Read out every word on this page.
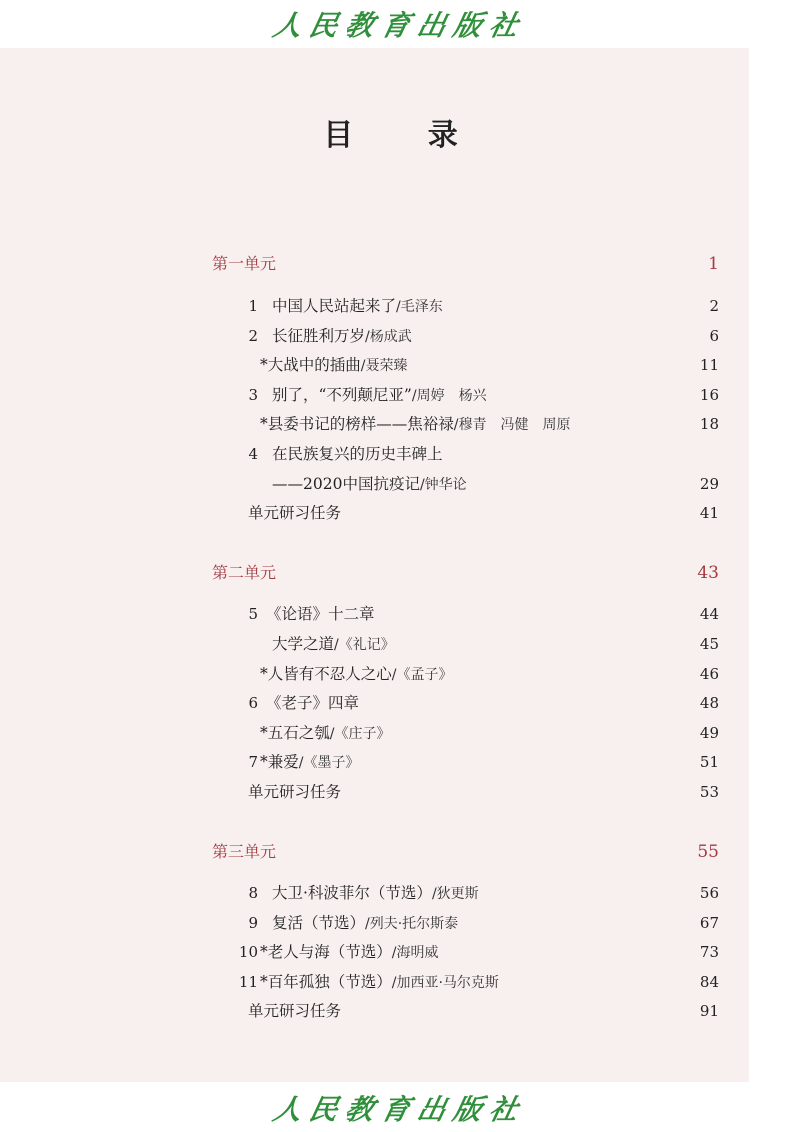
人民教育出版社
目 录
第一单元	1
1 中国人民站起来了/毛泽东	2
2 长征胜利万岁/杨成武	6
*大战中的插曲/聂荣臻	11
3 别了，“不列颠尼亚”/周婷　杨兴	16
*县委书记的榜样——焦裕禄/穆青　冯健　周原	18
4 在民族复兴的历史丰碑上
——2020中国抗疫记/钟华论	29
单元研习任务	41
第二单元	43
5 《论语》十二章	44
大学之道/《礼记》	45
*人皆有不忍人之心/《孟子》	46
6 《老子》四章	48
*五石之瓠/《庄子》	49
7 *兼爱/《墨子》	51
单元研习任务	53
第三单元	55
8 大卫·科波菲尔（节选）/狄更斯	56
9 复活（节选）/列夫·托尔斯泰	67
10 *老人与海（节选）/海明威	73
11 *百年孤独（节选）/加西亚·马尔克斯	84
单元研习任务	91
人民教育出版社
